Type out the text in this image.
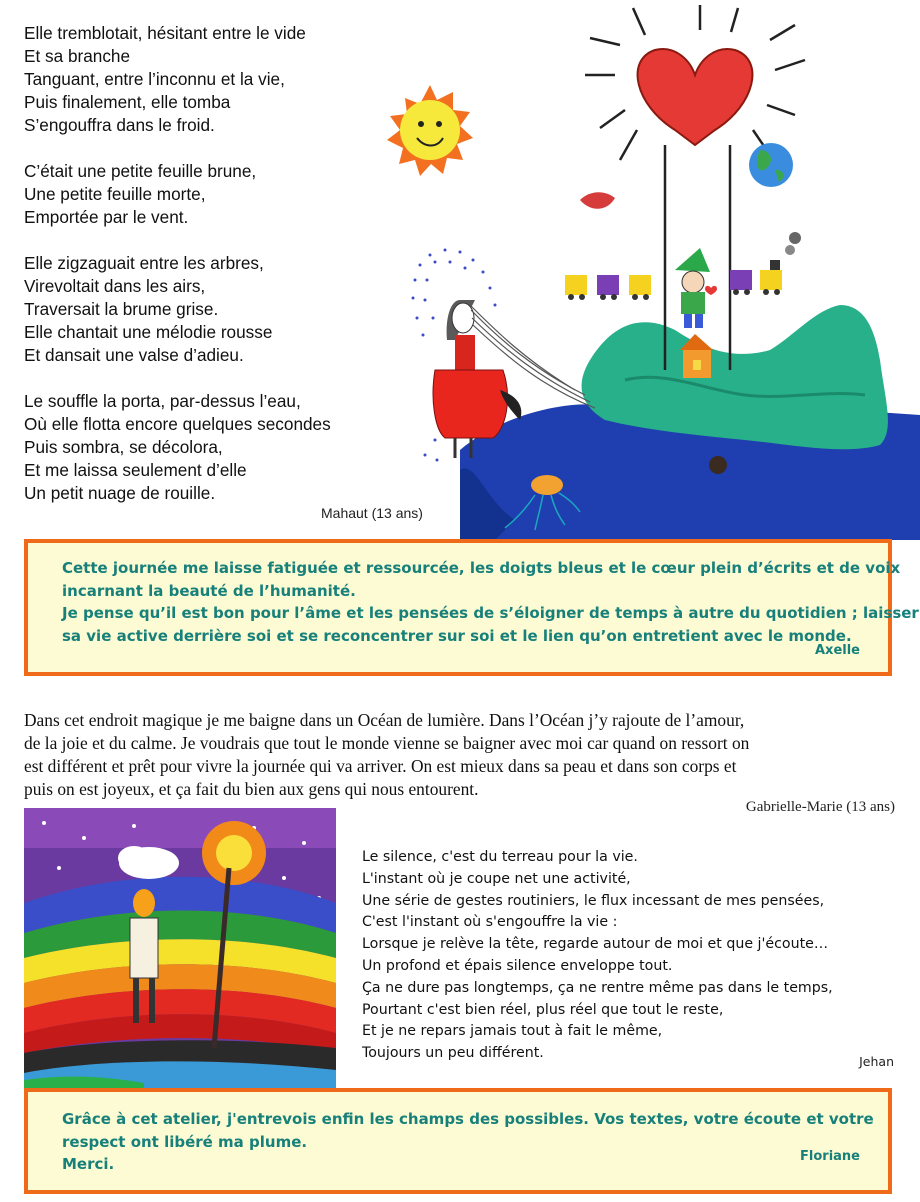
Elle tremblotait, hésitant entre le vide
Et sa branche
Tanguant, entre l’inconnu et la vie,
Puis finalement, elle tomba
S’engouffra dans le froid.
C’était une petite feuille brune,
Une petite feuille morte,
Emportée par le vent.
Elle zigzaguait entre les arbres,
Virevoltait dans les airs,
Traversait la brume grise.
Elle chantait une mélodie rousse
Et dansait une valse d’adieu.
Le souffle la porta, par-dessus l’eau,
Où elle flotta encore quelques secondes
Puis sombra, se décolora,
Et me laissa seulement d’elle
Un petit nuage de rouille.
Mahaut (13 ans)
Cette journée me laisse fatiguée et ressourcée, les doigts bleus et le cœur plein d’écrits et de voix
incarnant la beauté de l’humanité.
Je pense qu’il est bon pour l’âme et les pensées de s’éloigner de temps à autre du quotidien ; laisser
sa vie active derrière soi et se reconcentrer sur soi et le lien qu’on entretient avec le monde.
Axelle
Dans cet endroit magique je me baigne dans un Océan de lumière. Dans l’Océan j’y rajoute de l’amour,
de la joie et du calme. Je voudrais que tout le monde vienne se baigner avec moi car quand on ressort on
est différent et prêt pour vivre la journée qui va arriver. On est mieux dans sa peau et dans son corps et
puis on est joyeux, et ça fait du bien aux gens qui nous entourent.
Gabrielle-Marie (13 ans)
Le silence, c'est du terreau pour la vie.
L'instant où je coupe net une activité,
Une série de gestes routiniers, le flux incessant de mes pensées,
C'est l'instant où s'engouffre la vie :
Lorsque je relève la tête, regarde autour de moi et que j'écoute…
Un profond et épais silence enveloppe tout.
Ça ne dure pas longtemps, ça ne rentre même pas dans le temps,
Pourtant c'est bien réel, plus réel que tout le reste,
Et je ne repars jamais tout à fait le même,
Toujours un peu différent.
Jehan
Grâce à cet atelier, j'entrevois enfin les champs des possibles. Vos textes, votre écoute et votre
respect ont libéré ma plume.
Merci.	Floriane
